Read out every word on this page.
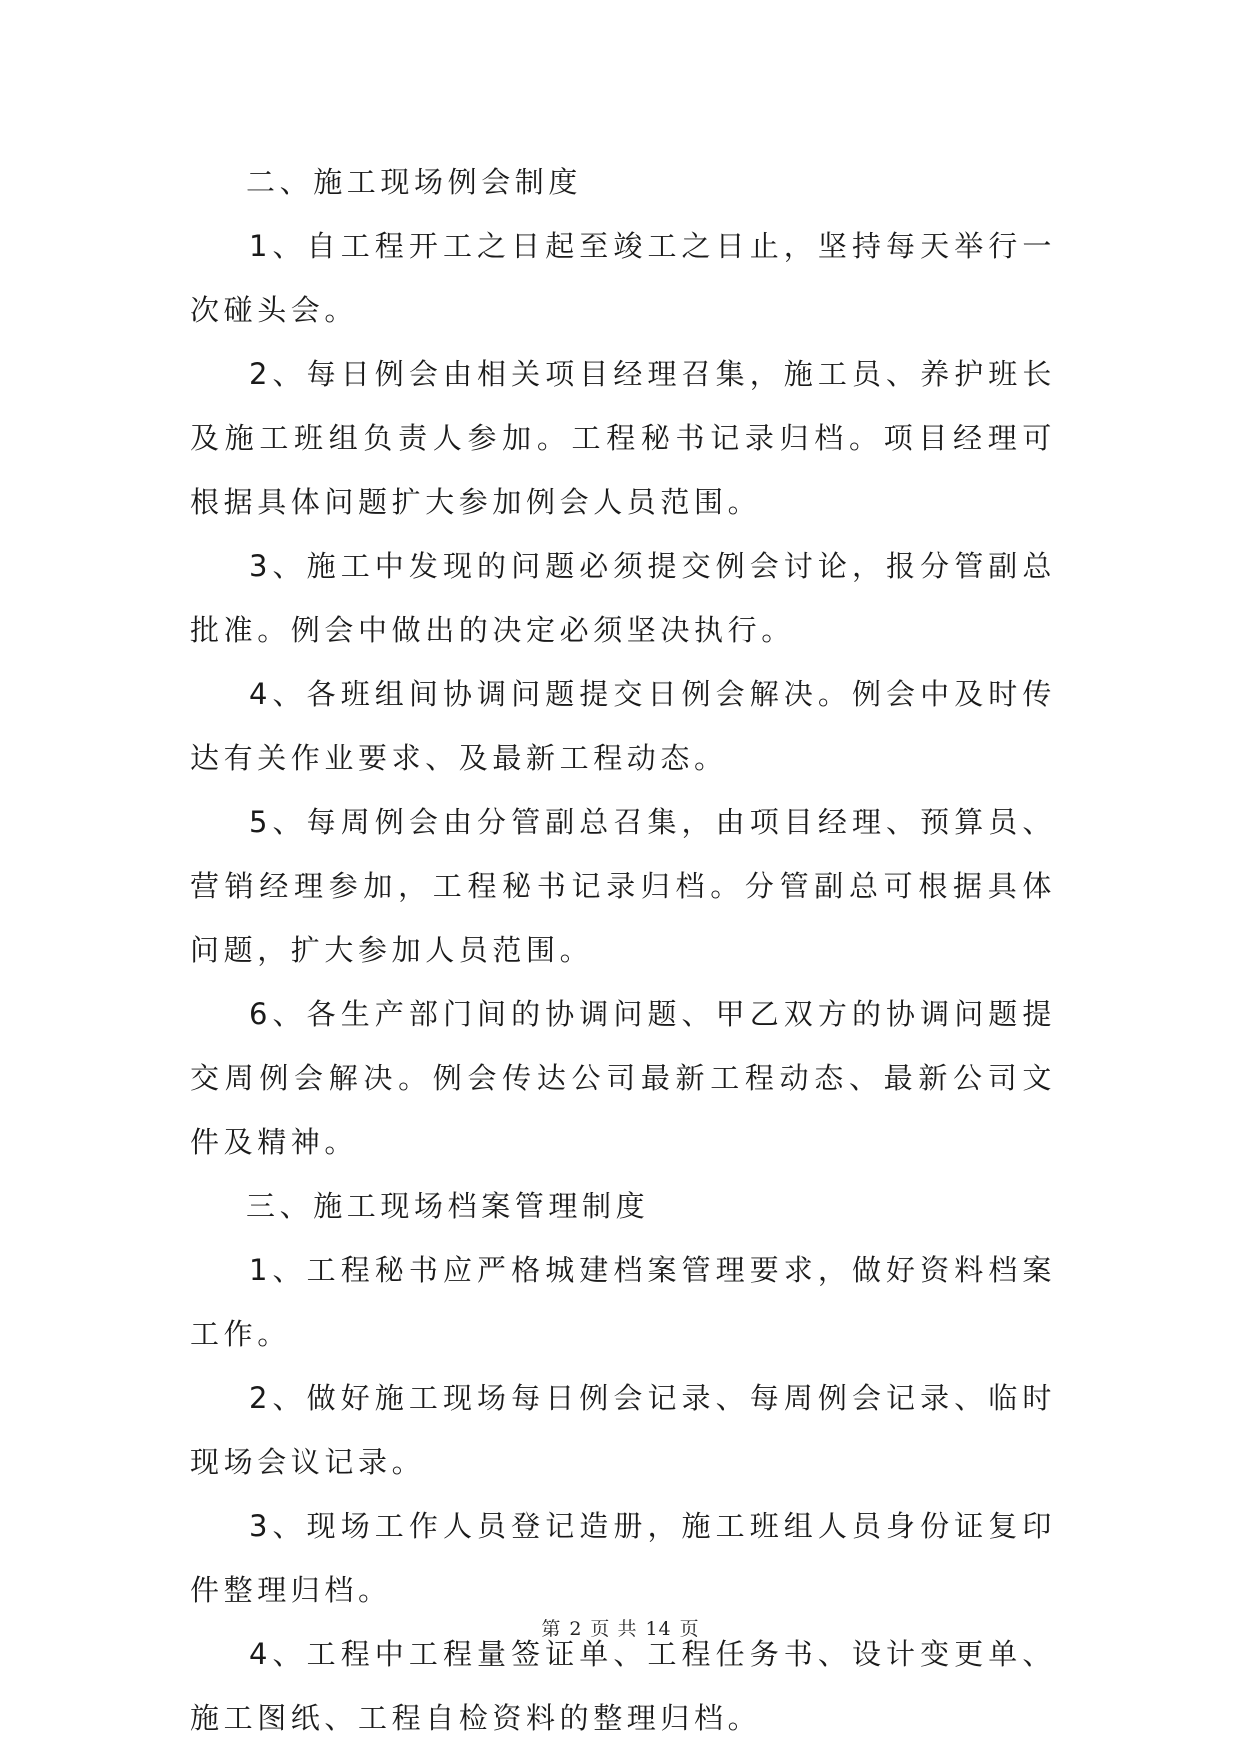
二、施工现场例会制度

1、自工程开工之日起至竣工之日止，坚持每天举行一次碰头会。

2、每日例会由相关项目经理召集，施工员、养护班长及施工班组负责人参加。工程秘书记录归档。项目经理可根据具体问题扩大参加例会人员范围。

3、施工中发现的问题必须提交例会讨论，报分管副总批准。例会中做出的决定必须坚决执行。

4、各班组间协调问题提交日例会解决。例会中及时传达有关作业要求、及最新工程动态。

5、每周例会由分管副总召集，由项目经理、预算员、营销经理参加，工程秘书记录归档。分管副总可根据具体问题，扩大参加人员范围。

6、各生产部门间的协调问题、甲乙双方的协调问题提交周例会解决。例会传达公司最新工程动态、最新公司文件及精神。

三、施工现场档案管理制度

1、工程秘书应严格城建档案管理要求，做好资料档案工作。

2、做好施工现场每日例会记录、每周例会记录、临时现场会议记录。

3、现场工作人员登记造册，施工班组人员身份证复印件整理归档。

4、工程中工程量签证单、工程任务书、设计变更单、施工图纸、工程自检资料的整理归档。

第 2 页 共 14 页
